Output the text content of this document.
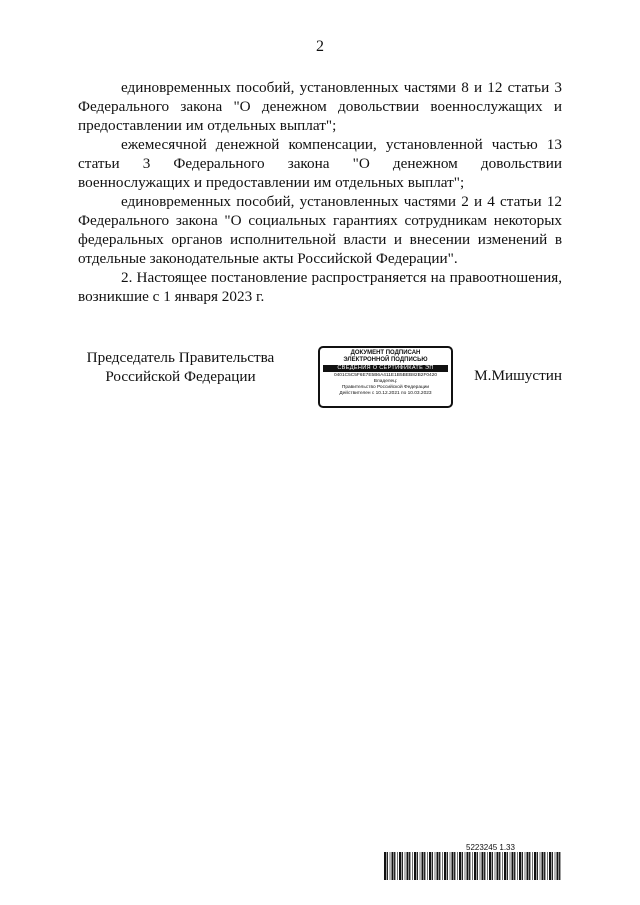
2

единовременных пособий, установленных частями 8 и 12 статьи 3 Федерального закона "О денежном довольствии военнослужащих и предоставлении им отдельных выплат";

ежемесячной денежной компенсации, установленной частью 13 статьи 3 Федерального закона "О денежном довольствии военнослужащих и предоставлении им отдельных выплат";

единовременных пособий, установленных частями 2 и 4 статьи 12 Федерального закона "О социальных гарантиях сотрудникам некоторых федеральных органов исполнительной власти и внесении изменений в отдельные законодательные акты Российской Федерации".

2. Настоящее постановление распространяется на правоотношения, возникшие с 1 января 2023 г.

Председатель Правительства
Российской Федерации
ДОКУМЕНТ ПОДПИСАН
ЭЛЕКТРОННОЙ ПОДПИСЬЮ
СВЕДЕНИЯ О СЕРТИФИКАТЕ ЭП
0401C5C5F6E7E5B6A411E1B5BEB82B2F0420
Владелец:
Правительство Российской Федерации
Действителен с 10.12.2021 по 10.03.2023
М.Мишустин
5223245 1.33
